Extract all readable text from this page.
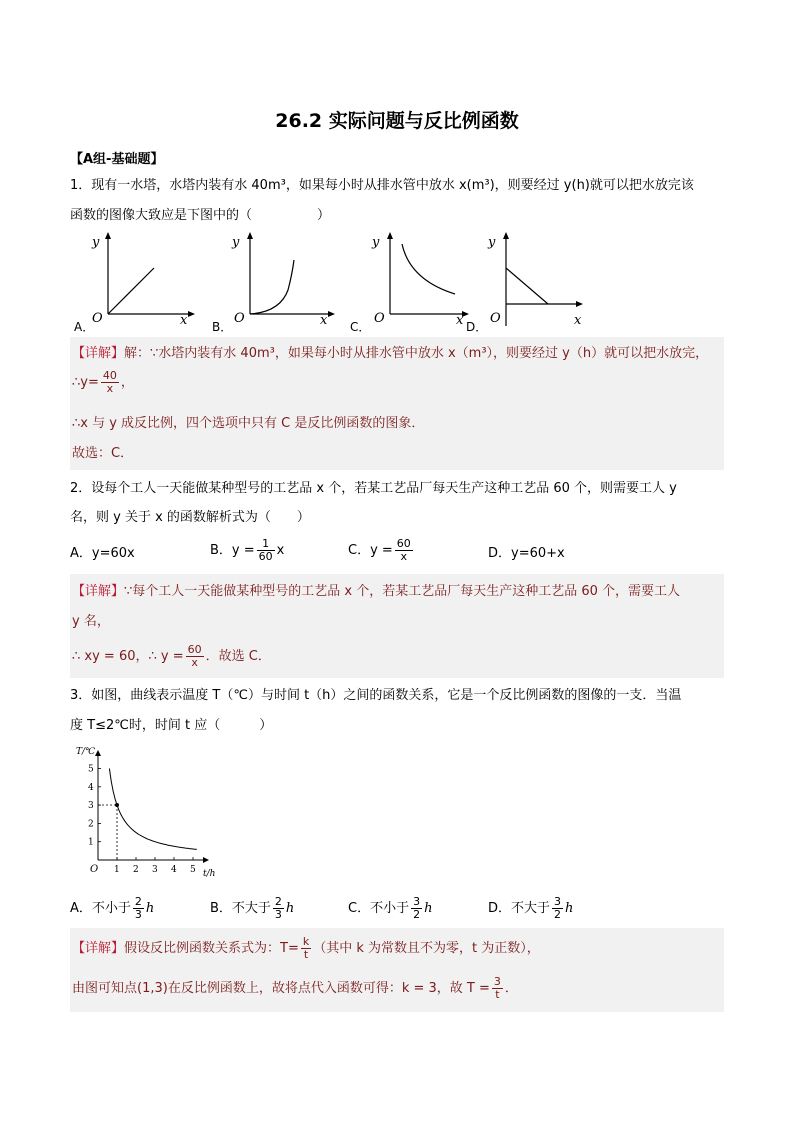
26.2 实际问题与反比例函数
【A组-基础题】
1．现有一水塔，水塔内装有水 40m³，如果每小时从排水管中放水 x(m³)，则要经过 y(h)就可以把水放完该
函数的图像大致应是下图中的（　　　　　）
y
O	x
y
O	x
y
O	x
y
O	x
A．	B．	C．	D．
【详解】解：∵水塔内装有水 40m³，如果每小时从排水管中放水 x（m³），则要经过 y（h）就可以把水放完，
∴y= $\frac{40}{x}$ ，
∴x 与 y 成反比例，四个选项中只有 C 是反比例函数的图象．
故选：C．
2．设每个工人一天能做某种型号的工艺品 x 个，若某工艺品厂每天生产这种工艺品 60 个，则需要工人 y
名，则 y 关于 x 的函数解析式为（　　）
A．y=60x	B．$y = \frac{1}{60}$ x	C．$y = \frac{60}{x}$	D．y=60+x
【详解】∵每个工人一天能做某种型号的工艺品 x 个，若某工艺品厂每天生产这种工艺品 60 个，需要工人
y 名，
∴ xy = 60，∴ $y = \frac{60}{x}$ ．故选 C．
3．如图，曲线表示温度 T（℃）与时间 t（h）之间的函数关系，它是一个反比例函数的图像的一支．当温
度 T≤2℃时，时间 t 应（　　　）
T/℃
t/h
O
5
4
3
2
1
1 2 3 4 5
A．不小于 $\frac{2}{3}$ h	B．不大于 $\frac{2}{3}$ h	C．不小于 $\frac{3}{2}$ h	D．不大于 $\frac{3}{2}$ h
【详解】假设反比例函数关系式为：$T= \frac{k}{t}$ （其中 k 为常数且不为零，t 为正数），
由图可知点(1,3)在反比例函数上，故将点代入函数可得：k = 3，故 $T = \frac{3}{t}$ ．
